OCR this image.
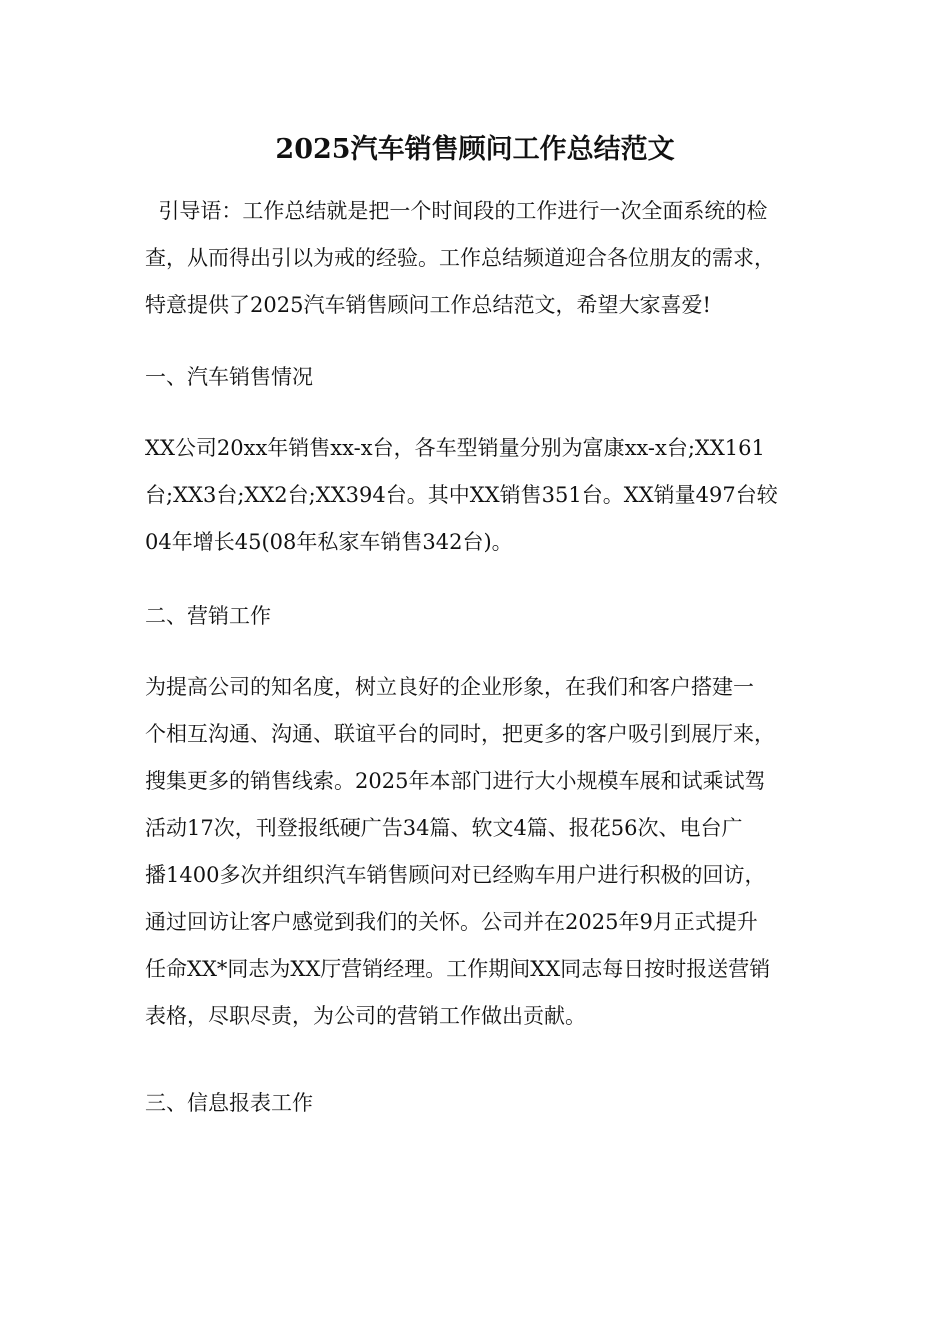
2025汽车销售顾问工作总结范文
引导语：工作总结就是把一个时间段的工作进行一次全面系统的检
查，从而得出引以为戒的经验。工作总结频道迎合各位朋友的需求，
特意提供了2025汽车销售顾问工作总结范文，希望大家喜爱!
一、汽车销售情况
XX公司20xx年销售xx-x台，各车型销量分别为富康xx-x台;XX161
台;XX3台;XX2台;XX394台。其中XX销售351台。XX销量497台较
04年增长45(08年私家车销售342台)。
二、营销工作
为提高公司的知名度，树立良好的企业形象，在我们和客户搭建一
个相互沟通、沟通、联谊平台的同时，把更多的客户吸引到展厅来，
搜集更多的销售线索。2025年本部门进行大小规模车展和试乘试驾
活动17次，刊登报纸硬广告34篇、软文4篇、报花56次、电台广
播1400多次并组织汽车销售顾问对已经购车用户进行积极的回访，
通过回访让客户感觉到我们的关怀。公司并在2025年9月正式提升
任命XX*同志为XX厅营销经理。工作期间XX同志每日按时报送营销
表格，尽职尽责，为公司的营销工作做出贡献。
三、信息报表工作
